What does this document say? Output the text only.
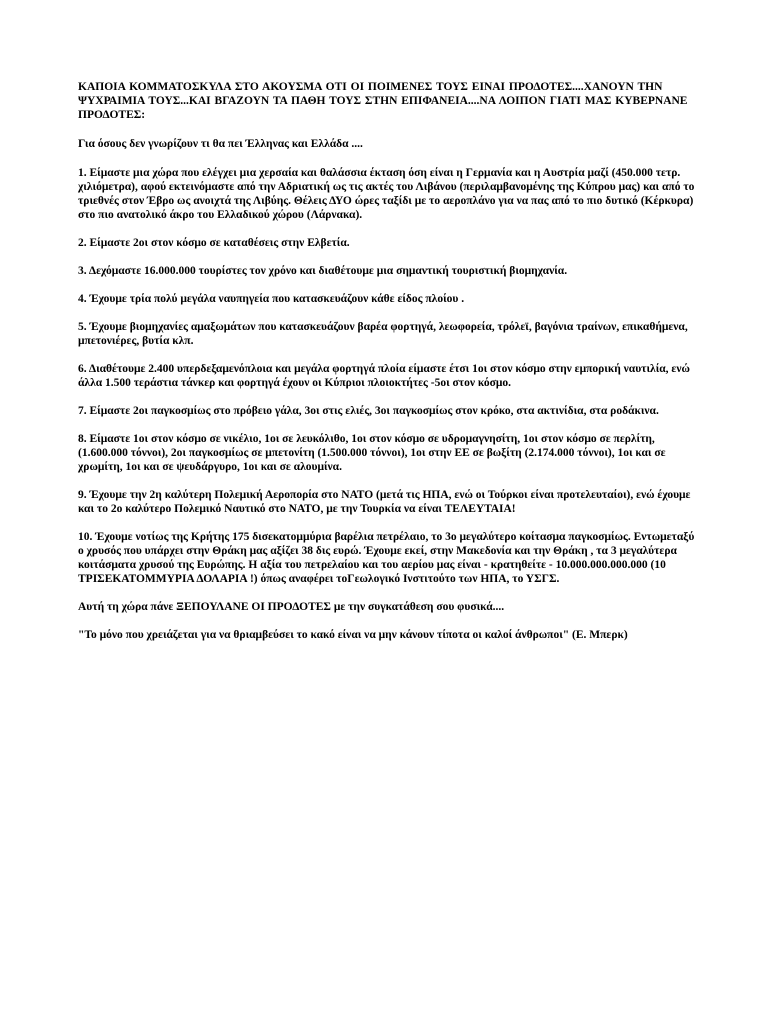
ΚΑΠΟΙΑ ΚΟΜΜΑΤΟΣΚΥΛΑ ΣΤΟ ΑΚΟΥΣΜΑ ΟΤΙ ΟΙ ΠΟΙΜΕΝΕΣ ΤΟΥΣ ΕΙΝΑΙ ΠΡΟΔΟΤΕΣ....ΧΑΝΟΥΝ ΤΗΝ ΨΥΧΡΑΙΜΙΑ ΤΟΥΣ...ΚΑΙ ΒΓΑΖΟΥΝ ΤΑ ΠΑΘΗ ΤΟΥΣ ΣΤΗΝ ΕΠΙΦΑΝΕΙΑ....ΝΑ ΛΟΙΠΟΝ ΓΙΑΤΙ ΜΑΣ ΚΥΒΕΡΝΑΝΕ ΠΡΟΔΟΤΕΣ:

Για όσους δεν γνωρίζουν τι θα πει Έλληνας και Ελλάδα ....

1. Είμαστε μια χώρα που ελέγχει μια χερσαία και θαλάσσια έκταση όση είναι η Γερμανία και η Αυστρία μαζί (450.000 τετρ. χιλιόμετρα), αφού εκτεινόμαστε από την Αδριατική ως τις ακτές του Λιβάνου (περιλαμβανομένης της Κύπρου μας) και από το τριεθνές στον Έβρο ως ανοιχτά της Λιβύης. Θέλεις ΔΥΟ ώρες ταξίδι με το αεροπλάνο για να πας από το πιο δυτικό (Κέρκυρα) στο πιο ανατολικό άκρο του Ελλαδικού χώρου (Λάρνακα).

2. Είμαστε 2οι στον κόσμο σε καταθέσεις στην Ελβετία.

3. Δεχόμαστε 16.000.000 τουρίστες τον χρόνο και διαθέτουμε μια σημαντική τουριστική βιομηχανία.

4. Έχουμε τρία πολύ μεγάλα ναυπηγεία που κατασκευάζουν κάθε είδος πλοίου .

5. Έχουμε βιομηχανίες αμαξωμάτων που κατασκευάζουν βαρέα φορτηγά, λεωφορεία, τρόλεϊ, βαγόνια τραίνων, επικαθήμενα, μπετονιέρες, βυτία κλπ.

6. Διαθέτουμε 2.400 υπερδεξαμενόπλοια και μεγάλα φορτηγά πλοία είμαστε έτσι 1οι στον κόσμο στην εμπορική ναυτιλία, ενώ άλλα 1.500 τεράστια τάνκερ και φορτηγά έχουν οι Κύπριοι πλοιοκτήτες -5οι στον κόσμο.

7. Είμαστε 2οι παγκοσμίως στο πρόβειο γάλα, 3οι στις ελιές, 3οι παγκοσμίως στον κρόκο, στα ακτινίδια, στα ροδάκινα.

8. Είμαστε 1οι στον κόσμο σε νικέλιο, 1οι σε λευκόλιθο, 1οι στον κόσμο σε υδρομαγνησίτη, 1οι στον κόσμο σε περλίτη, (1.600.000 τόννοι), 2οι παγκοσμίως σε μπετονίτη (1.500.000 τόννοι), 1οι στην ΕΕ σε βωξίτη (2.174.000 τόννοι), 1οι και σε χρωμίτη, 1οι και σε ψευδάργυρο, 1οι και σε αλουμίνα.

9. Έχουμε την 2η καλύτερη Πολεμική Αεροπορία στο ΝΑΤΟ (μετά τις ΗΠΑ, ενώ οι Τούρκοι είναι προτελευταίοι), ενώ έχουμε και το 2ο καλύτερο Πολεμικό Ναυτικό στο ΝΑΤΟ, με την Τουρκία να είναι ΤΕΛΕΥΤΑΙΑ!

10. Έχουμε νοτίως της Κρήτης 175 δισεκατομμύρια βαρέλια πετρέλαιο, το 3ο μεγαλύτερο κοίτασμα παγκοσμίως. Εντωμεταξύ ο χρυσός που υπάρχει στην Θράκη μας αξίζει 38 δις ευρώ. Έχουμε εκεί, στην Μακεδονία και την Θράκη , τα 3 μεγαλύτερα κοιτάσματα χρυσού της Ευρώπης. Η αξία του πετρελαίου και του αερίου μας είναι - κρατηθείτε - 10.000.000.000.000 (10 ΤΡΙΣΕΚΑΤΟΜΜΥΡΙΑ ΔΟΛΑΡΙΑ !) όπως αναφέρει τοΓεωλογικό Ινστιτούτο των ΗΠΑ, το ΥΣΓΣ.

Αυτή τη χώρα πάνε ΞΕΠΟΥΛΑΝΕ ΟΙ ΠΡΟΔΟΤΕΣ με την συγκατάθεση σου φυσικά....

"Το μόνο που χρειάζεται για να θριαμβεύσει το κακό είναι να μην κάνουν τίποτα οι καλοί άνθρωποι" (Ε. Μπερκ)
